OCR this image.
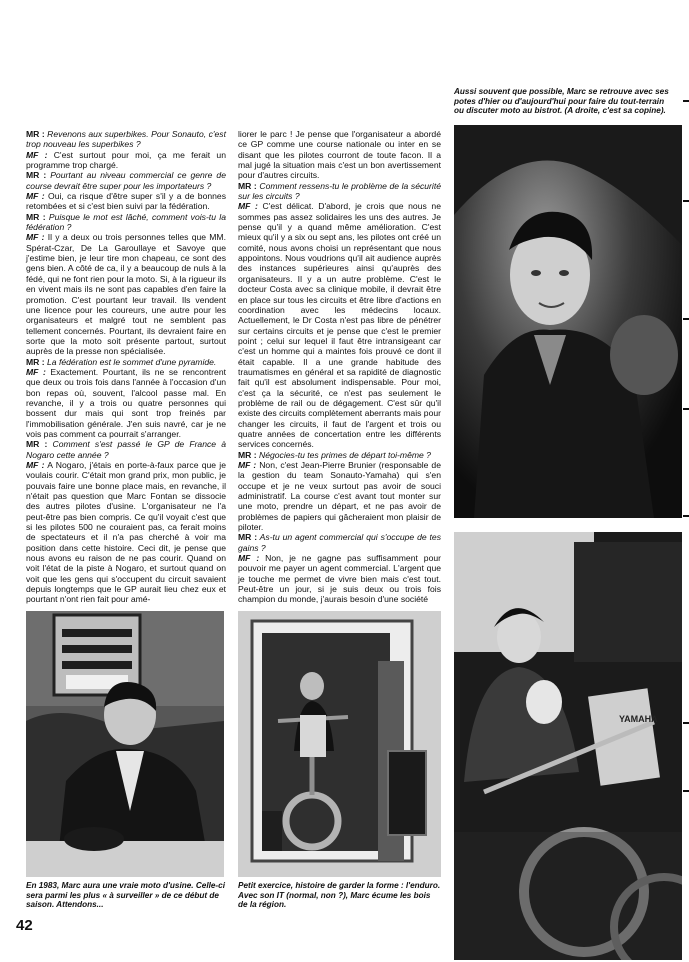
Aussi souvent que possible, Marc se retrouve avec ses potes d'hier ou d'aujourd'hui pour faire du tout-terrain ou discuter moto au bistrot. (A droite, c'est sa copine).

MR : Revenons aux superbikes. Pour Sonauto, c'est trop nouveau les superbikes ?

MF : C'est surtout pour moi, ça me ferait un programme trop chargé.

MR : Pourtant au niveau commercial ce genre de course devrait être super pour les importateurs ?

MF : Oui, ca risque d'être super s'il y a de bonnes retombées et si c'est bien suivi par la fédération.

MR : Puisque le mot est lâché, comment vois-tu la fédération ?

MF : Il y a deux ou trois personnes telles que MM. Spérat-Czar, De La Garoullaye et Savoye que j'estime bien, je leur tire mon chapeau, ce sont des gens bien. A côté de ca, il y a beaucoup de nuls à la fédé, qui ne font rien pour la moto. Si, à la rigueur ils en vivent mais ils ne sont pas capables d'en faire la promotion. C'est pourtant leur travail. Ils vendent une licence pour les coureurs, une autre pour les organisateurs et malgré tout ne semblent pas tellement concernés. Pourtant, ils devraient faire en sorte que la moto soit présente partout, surtout auprès de la presse non spécialisée.

MR : La fédération est le sommet d'une pyramide.

MF : Exactement. Pourtant, ils ne se rencontrent que deux ou trois fois dans l'année à l'occasion d'un bon repas où, souvent, l'alcool passe mal. En revanche, il y a trois ou quatre personnes qui bossent dur mais qui sont trop freinés par l'immobilisation générale. J'en suis navré, car je ne vois pas comment ca pourrait s'arranger.

MR : Comment s'est passé le GP de France à Nogaro cette année ?

MF : A Nogaro, j'étais en porte-à-faux parce que je voulais courir. C'était mon grand prix, mon public, je pouvais faire une bonne place mais, en revanche, il n'était pas question que Marc Fontan se dissocie des autres pilotes d'usine. L'organisateur ne l'a peut-être pas bien compris. Ce qu'il voyait c'est que si les pilotes 500 ne couraient pas, ca ferait moins de spectateurs et il n'a pas cherché à voir ma position dans cette histoire. Ceci dit, je pense que nous avons eu raison de ne pas courir. Quand on voit l'état de la piste à Nogaro, et surtout quand on voit que les gens qui s'occupent du circuit savaient depuis longtemps que le GP aurait lieu chez eux et pourtant n'ont rien fait pour amé-

liorer le parc ! Je pense que l'organisateur a abordé ce GP comme une course nationale ou inter en se disant que les pilotes courront de toute facon. Il a mal jugé la situation mais c'est un bon avertissement pour d'autres circuits.

MR : Comment ressens-tu le problème de la sécurité sur les circuits ?

MF : C'est délicat. D'abord, je crois que nous ne sommes pas assez solidaires les uns des autres. Je pense qu'il y a quand même amélioration. C'est mieux qu'il y a six ou sept ans, les pilotes ont créé un comité, nous avons choisi un représentant que nous appointons. Nous voudrions qu'il ait audience auprès des instances supérieures ainsi qu'auprès des organisateurs. Il y a un autre problème. C'est le docteur Costa avec sa clinique mobile, il devrait être en place sur tous les circuits et être libre d'actions en coordination avec les médecins locaux. Actuellement, le Dr Costa n'est pas libre de pénétrer sur certains circuits et je pense que c'est le premier point ; celui sur lequel il faut être intransigeant car c'est un homme qui a maintes fois prouvé ce dont il était capable. Il a une grande habitude des traumatismes en général et sa rapidité de diagnostic fait qu'il est absolument indispensable. Pour moi, c'est ça la sécurité, ce n'est pas seulement le problème de rail ou de dégagement. C'est sûr qu'il existe des circuits complètement aberrants mais pour changer les circuits, il faut de l'argent et trois ou quatre années de concertation entre les différents services concernés.

MR : Négocies-tu tes primes de départ toi-même ?

MF : Non, c'est Jean-Pierre Brunier (responsable de la gestion du team Sonauto-Yamaha) qui s'en occupe et je ne veux surtout pas avoir de souci administratif. La course c'est avant tout monter sur une moto, prendre un départ, et ne pas avoir de problèmes de papiers qui gâcheraient mon plaisir de piloter.

MR : As-tu un agent commercial qui s'occupe de tes gains ?

MF : Non, je ne gagne pas suffisamment pour pouvoir me payer un agent commercial. L'argent que je touche me permet de vivre bien mais c'est tout. Peut-être un jour, si je suis deux ou trois fois champion du monde, j'aurais besoin d'une société

YAMAHA
En 1983, Marc aura une vraie moto d'usine. Celle-ci sera parmi les plus « à surveiller » de ce début de saison. Attendons...
Petit exercice, histoire de garder la forme : l'enduro. Avec son IT (normal, non ?), Marc écume les bois de la région.
42
